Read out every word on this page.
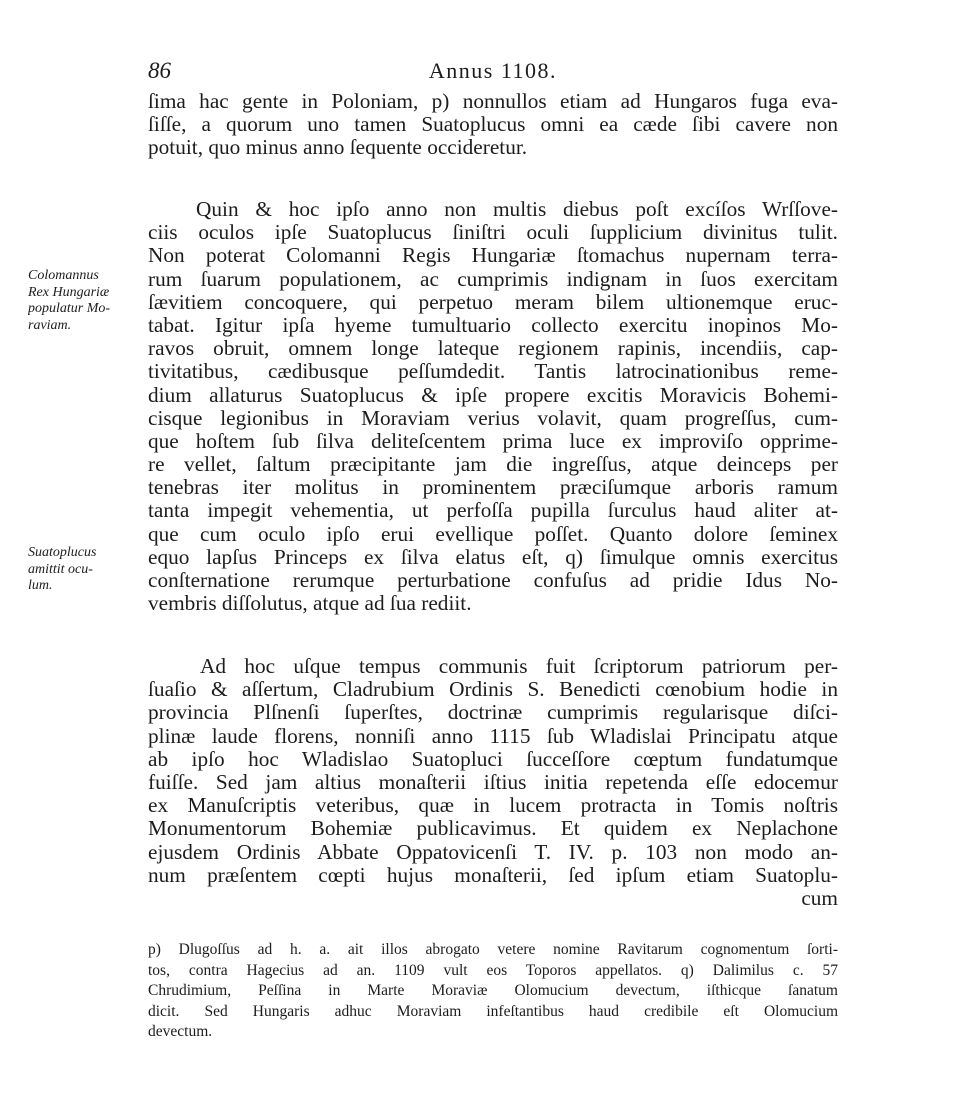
86	Annus 1108.
ſima hac gente in Poloniam, p) nonnullos etiam ad Hungaros fuga eva-
ſiſſe, a quorum uno tamen Suatoplucus omni ea cæde ſibi cavere non
potuit, quo minus anno ſequente occideretur.
Quin & hoc ipſo anno non multis diebus poſt excíſos Wrſſove-
ciis oculos ipſe Suatoplucus ſiniſtri oculi ſupplicium divinitus tulit.
Non poterat Colomanni Regis Hungariæ ſtomachus nupernam terra-
rum ſuarum populationem, ac cumprimis indignam in ſuos exercitam
ſævitiem concoquere, qui perpetuo meram bilem ultionemque eruc-
tabat. Igitur ipſa hyeme tumultuario collecto exercitu inopinos Mo-
ravos obruit, omnem longe lateque regionem rapinis, incendiis, cap-
tivitatibus, cædibusque peſſumdedit. Tantis latrocinationibus reme-
dium allaturus Suatoplucus & ipſe propere excitis Moravicis Bohemi-
cisque legionibus in Moraviam verius volavit, quam progreſſus, cum-
que hoſtem ſub ſilva deliteſcentem prima luce ex improviſo opprime-
re vellet, ſaltum præcipitante jam die ingreſſus, atque deinceps per
tenebras iter molitus in prominentem præciſumque arboris ramum
tanta impegit vehementia, ut perfoſſa pupilla ſurculus haud aliter at-
que cum oculo ipſo erui evellique poſſet. Quanto dolore ſeminex
equo lapſus Princeps ex ſilva elatus eſt, q) ſimulque omnis exercitus
conſternatione rerumque perturbatione confuſus ad pridie Idus No-
vembris diſſolutus, atque ad ſua rediit.
Colomannus
Rex Hungariæ
populatur Mo-
raviam.
Suatoplucus
amittit ocu-
lum.
Ad hoc uſque tempus communis fuit ſcriptorum patriorum per-
ſuaſio & aſſertum, Cladrubium Ordinis S. Benedicti cœnobium hodie in
provincia Plſnenſi ſuperſtes, doctrinæ cumprimis regularisque diſci-
plinæ laude florens, nonniſi anno 1115 ſub Wladislai Principatu atque
ab ipſo hoc Wladislao Suatopluci ſucceſſore cœptum fundatumque
fuiſſe. Sed jam altius monaſterii iſtius initia repetenda eſſe edocemur
ex Manuſcriptis veteribus, quæ in lucem protracta in Tomis noſtris
Monumentorum Bohemiæ publicavimus. Et quidem ex Neplachone
ejusdem Ordinis Abbate Oppatovicenſi T. IV. p. 103 non modo an-
num præſentem cœpti hujus monaſterii, ſed ipſum etiam Suatoplu-
cum
p) Dlugoſſus ad h. a. ait illos abrogato vetere nomine Ravitarum cognomentum ſorti-
tos, contra Hagecius ad an. 1109 vult eos Toporos appellatos. q) Dalimilus c. 57
Chrudimium, Peſſina in Marte Moraviæ Olomucium devectum, iſthicque ſanatum
dicit. Sed Hungaris adhuc Moraviam infeſtantibus haud credibile eſt Olomucium
devectum.
